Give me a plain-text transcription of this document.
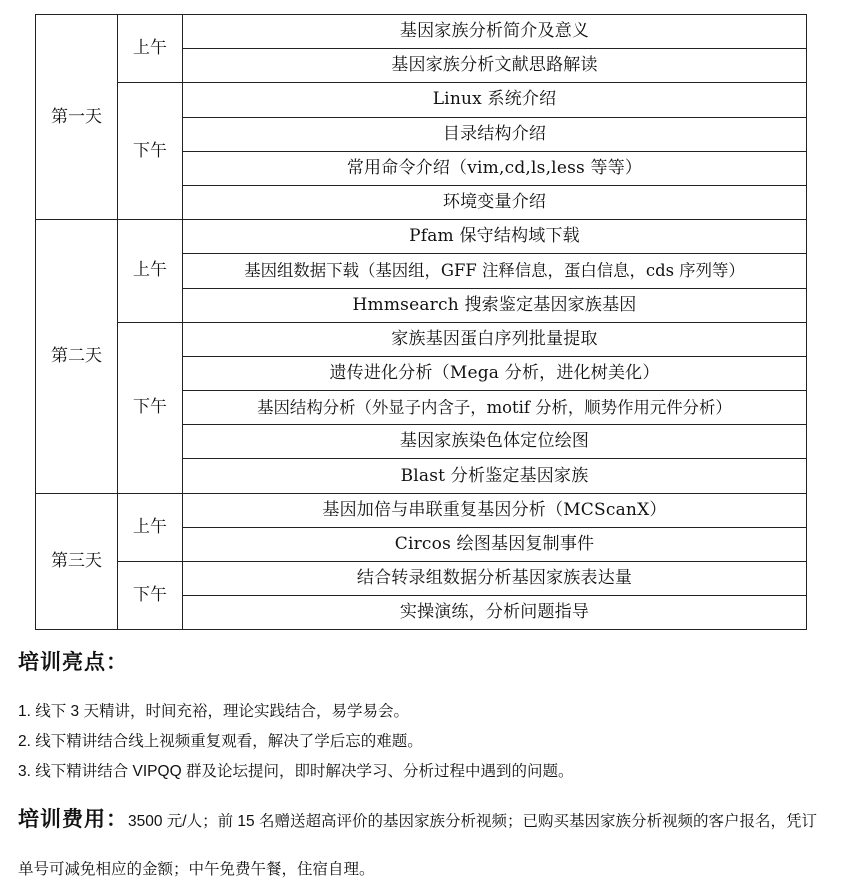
第一天	上午	基因家族分析简介及意义
		基因家族分析文献思路解读
	下午	Linux 系统介绍
		目录结构介绍
		常用命令介绍（vim,cd,ls,less 等等）
		环境变量介绍
第二天	上午	Pfam 保守结构域下载
		基因组数据下载（基因组，GFF 注释信息，蛋白信息，cds 序列等）
		Hmmsearch 搜索鉴定基因家族基因
	下午	家族基因蛋白序列批量提取
		遗传进化分析（Mega 分析，进化树美化）
		基因结构分析（外显子内含子，motif 分析，顺势作用元件分析）
		基因家族染色体定位绘图
		Blast 分析鉴定基因家族
第三天	上午	基因加倍与串联重复基因分析（MCScanX）
		Circos 绘图基因复制事件
	下午	结合转录组数据分析基因家族表达量
		实操演练，分析问题指导
培训亮点：
1. 线下 3 天精讲，时间充裕，理论实践结合，易学易会。
2. 线下精讲结合线上视频重复观看，解决了学后忘的难题。
3. 线下精讲结合 VIPQQ 群及论坛提问，即时解决学习、分析过程中遇到的问题。
培训费用：3500 元/人；前 15 名赠送超高评价的基因家族分析视频；已购买基因家族分析视频的客户报名，凭订单号可减免相应的金额；中午免费午餐，住宿自理。
